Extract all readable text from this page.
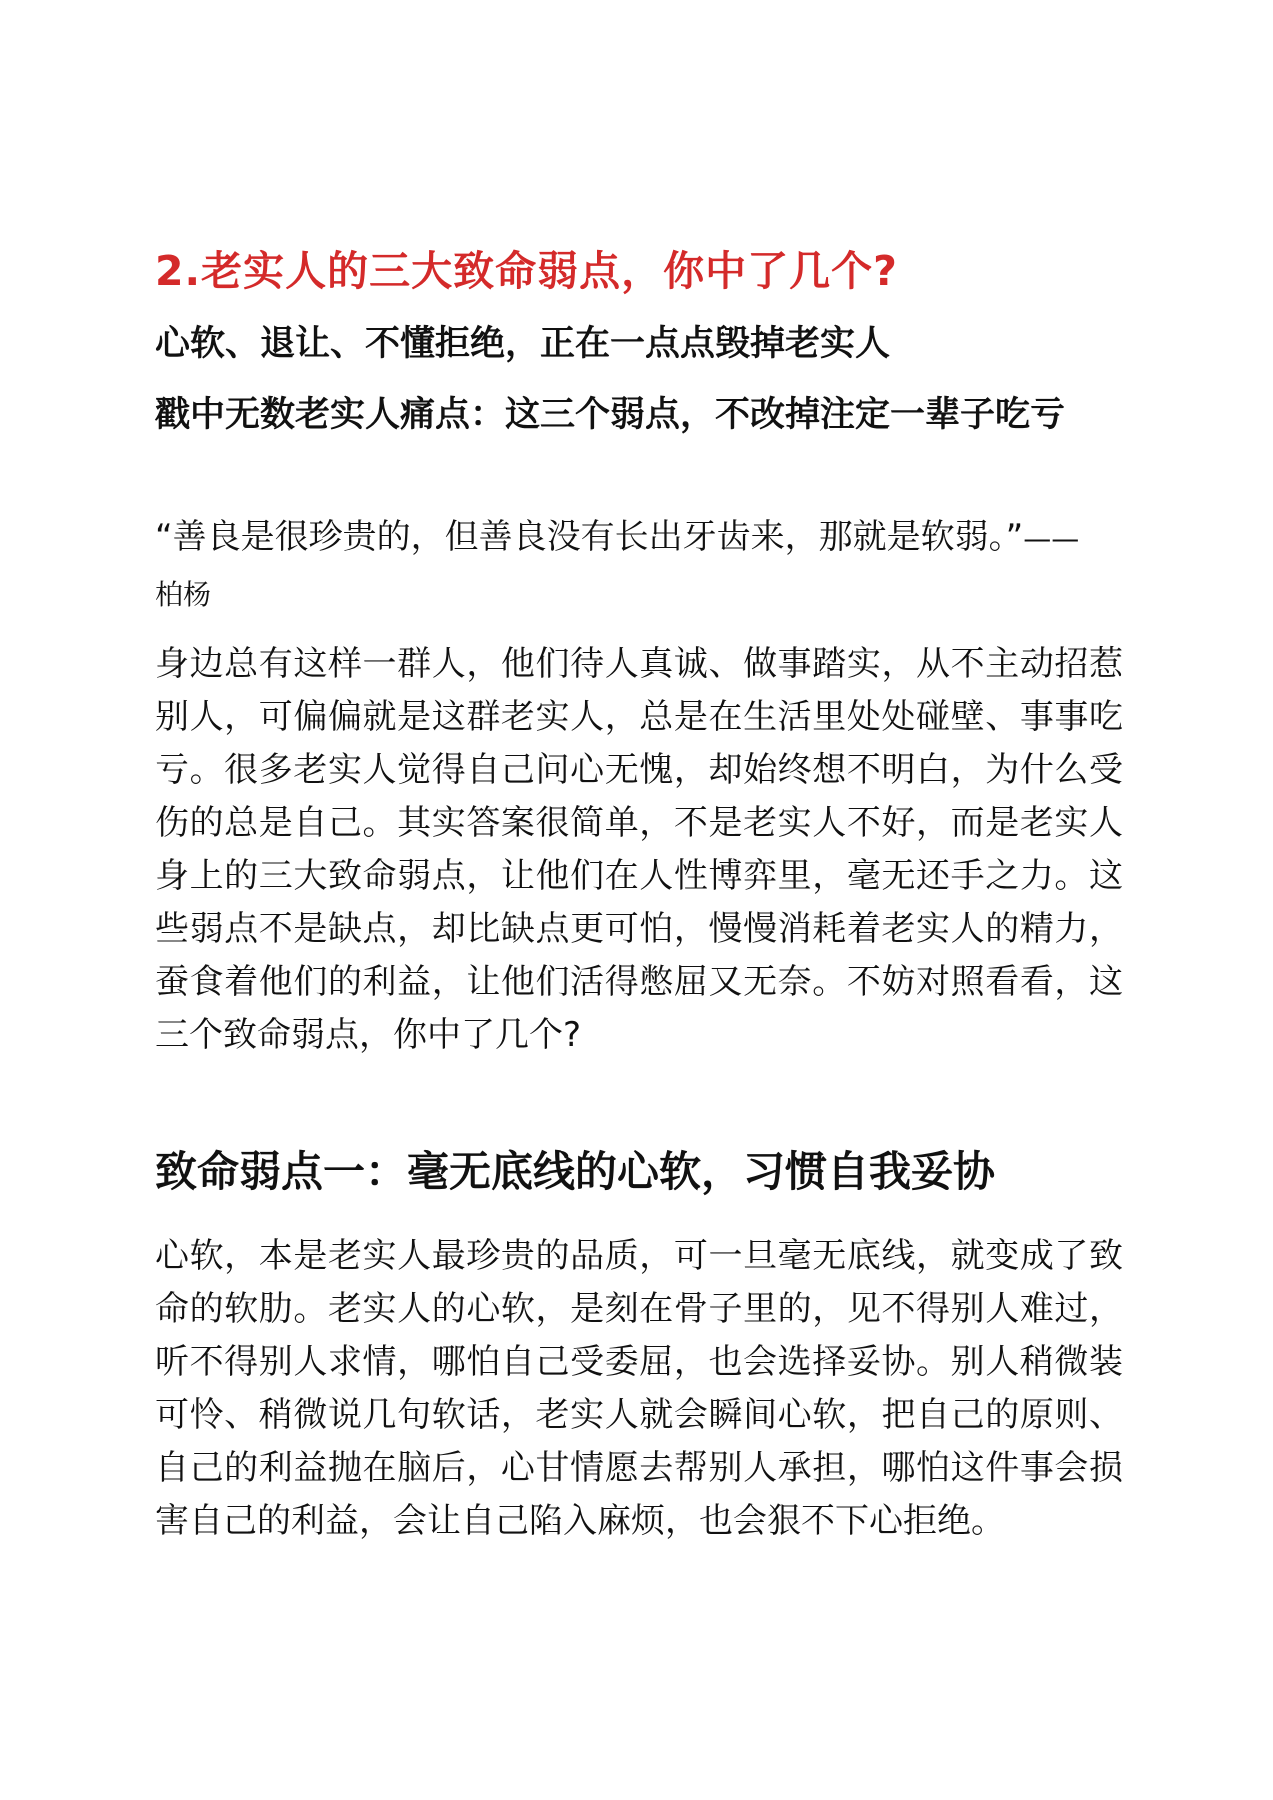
2.老实人的三大致命弱点，你中了几个?
心软、退让、不懂拒绝，正在一点点毁掉老实人
戳中无数老实人痛点：这三个弱点，不改掉注定一辈子吃亏
“善良是很珍贵的，但善良没有长出牙齿来，那就是软弱。”——柏杨

身边总有这样一群人，他们待人真诚、做事踏实，从不主动招惹别人，可偏偏就是这群老实人，总是在生活里处处碰壁、事事吃亏。很多老实人觉得自己问心无愧，却始终想不明白，为什么受伤的总是自己。其实答案很简单，不是老实人不好，而是老实人身上的三大致命弱点，让他们在人性博弈里，毫无还手之力。这些弱点不是缺点，却比缺点更可怕，慢慢消耗着老实人的精力，蚕食着他们的利益，让他们活得憋屈又无奈。不妨对照看看，这三个致命弱点，你中了几个?

致命弱点一：毫无底线的心软，习惯自我妥协

心软，本是老实人最珍贵的品质，可一旦毫无底线，就变成了致命的软肋。老实人的心软，是刻在骨子里的，见不得别人难过，听不得别人求情，哪怕自己受委屈，也会选择妥协。别人稍微装可怜、稍微说几句软话，老实人就会瞬间心软，把自己的原则、自己的利益抛在脑后，心甘情愿去帮别人承担，哪怕这件事会损害自己的利益，会让自己陷入麻烦，也会狠不下心拒绝。
